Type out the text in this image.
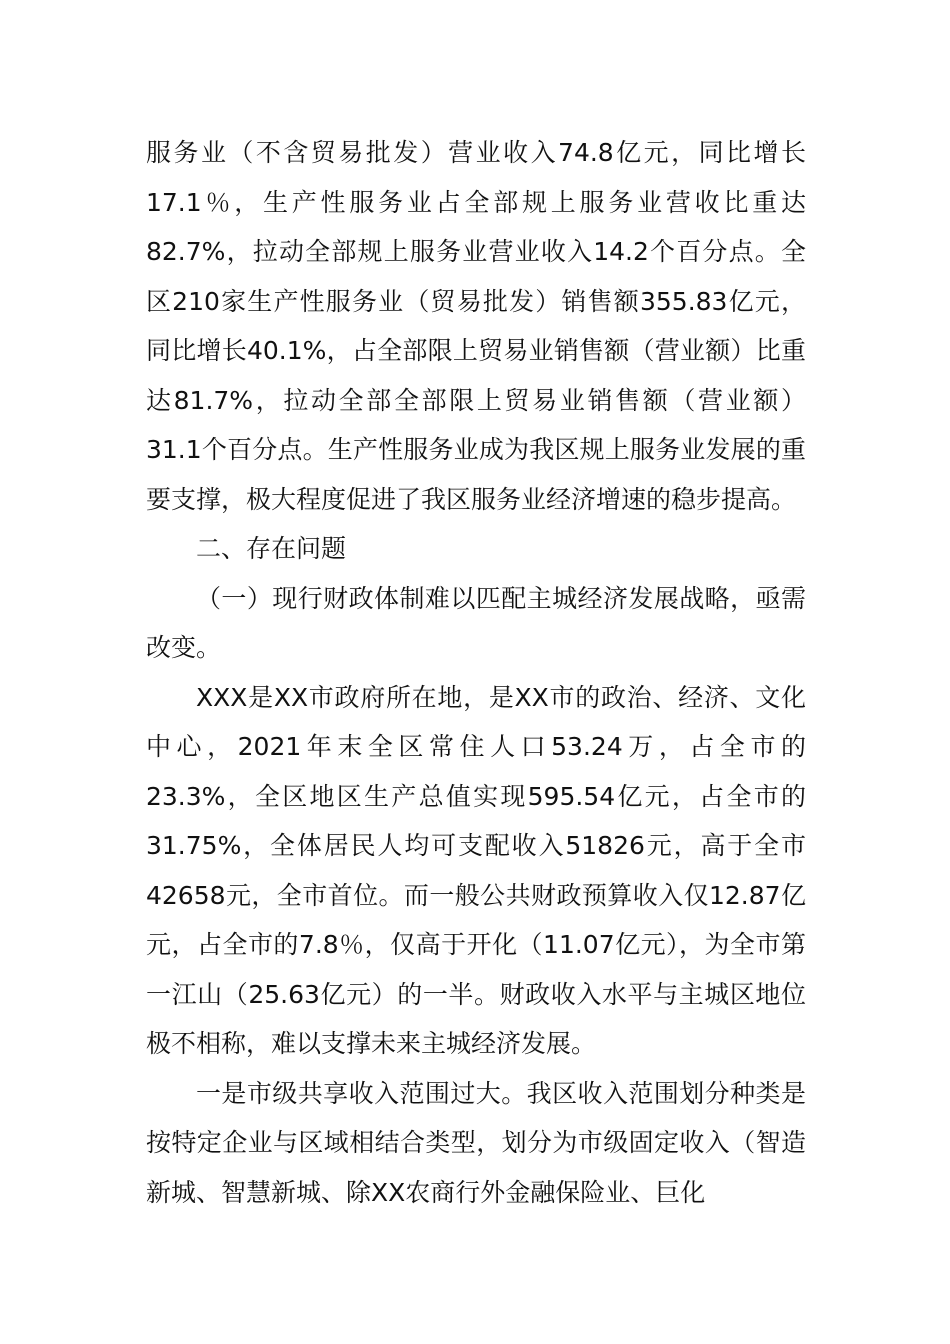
服务业（不含贸易批发）营业收入74.8亿元，同比增长17.1％，生产性服务业占全部规上服务业营收比重达82.7%，拉动全部规上服务业营业收入14.2个百分点。全区210家生产性服务业（贸易批发）销售额355.83亿元，同比增长40.1%，占全部限上贸易业销售额（营业额）比重达81.7%，拉动全部全部限上贸易业销售额（营业额）31.1个百分点。生产性服务业成为我区规上服务业发展的重要支撑，极大程度促进了我区服务业经济增速的稳步提高。

二、存在问题

（一）现行财政体制难以匹配主城经济发展战略，亟需改变。

XXX是XX市政府所在地，是XX市的政治、经济、文化中心，2021年末全区常住人口53.24万，占全市的23.3%，全区地区生产总值实现595.54亿元，占全市的31.75%，全体居民人均可支配收入51826元，高于全市42658元，全市首位。而一般公共财政预算收入仅12.87亿元，占全市的7.8％，仅高于开化（11.07亿元），为全市第一江山（25.63亿元）的一半。财政收入水平与主城区地位极不相称，难以支撑未来主城经济发展。

一是市级共享收入范围过大。我区收入范围划分种类是按特定企业与区域相结合类型，划分为市级固定收入（智造新城、智慧新城、除XX农商行外金融保险业、巨化
